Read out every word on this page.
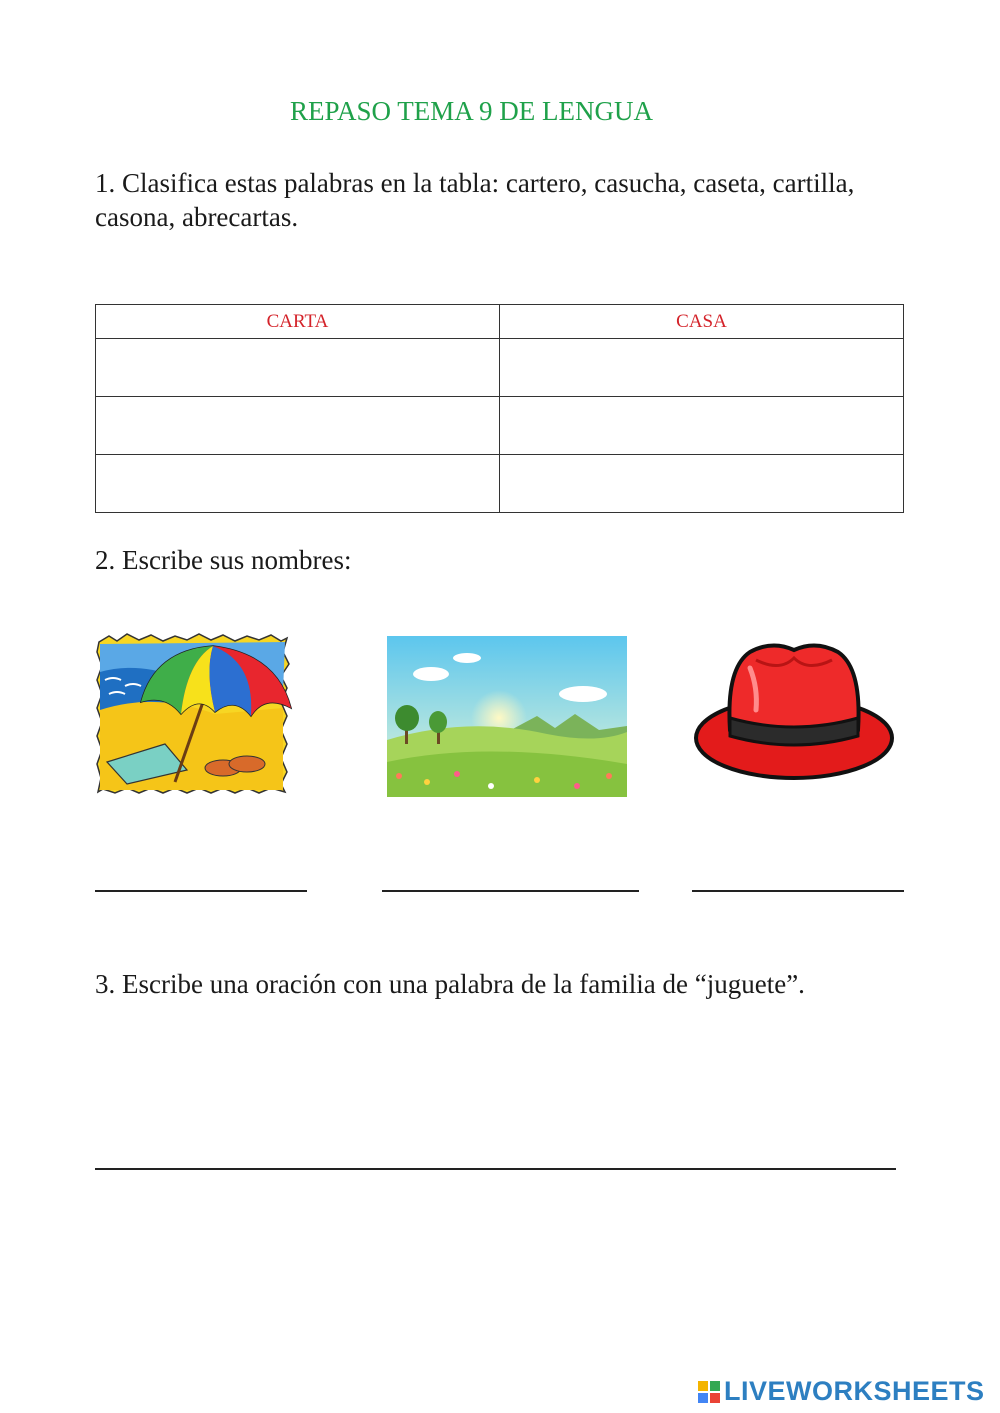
REPASO TEMA 9 DE LENGUA
1. Clasifica estas palabras en la tabla: cartero, casucha, caseta, cartilla, casona, abrecartas.
CARTA	CASA

2. Escribe sus nombres:
3. Escribe una oración con una palabra de la familia de “juguete”.
LIVEWORKSHEETS
